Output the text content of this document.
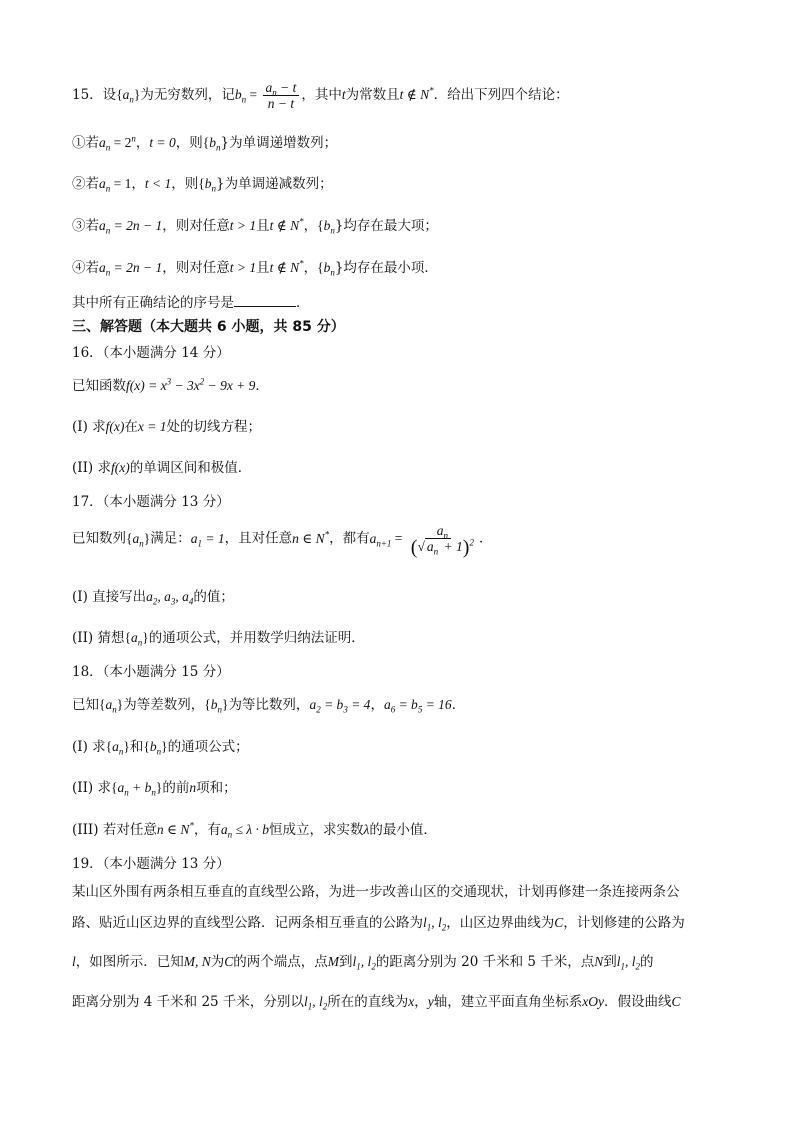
15．设$\{a_n\}$为无穷数列，记$b_n = \frac{a_n - t}{n - t}$ ，其中t为常数且t ∉ N*．给出下列四个结论：
①若$a_n = 2^n$，t = 0，则$\{b_n\}$为单调递增数列；
②若$a_n = 1$，t < 1，则$\{b_n\}$为单调递减数列；
③若$a_n = 2n - 1$，则对任意t > 1且t ∉ N*，$\{b_n\}$均存在最大项；
④若$a_n = 2n - 1$，则对任意t > 1且t ∉ N*，$\{b_n\}$均存在最小项．
其中所有正确结论的序号是	．
三、解答题（本大题共 6 小题，共 85 分）
16．（本小题满分 14 分）
已知函数$f(x) = x^3 - 3x^2 - 9x + 9$．
(I) 求f(x)在x = 1处的切线方程；
(II) 求f(x)的单调区间和极值．
17．（本小题满分 13 分）
已知数列$\{a_n\}$满足：$a_1 = 1$，且对任意n ∈ N*，都有$a_{n+1} = \frac{a_n}{(√ a_n + 1)^2}$ ．
(I) 直接写出$a_2$, $a_3$, $a_4$的值；
(II) 猜想$\{a_n\}$的通项公式，并用数学归纳法证明．
18．（本小题满分 15 分）
已知$\{a_n\}$为等差数列，$\{b_n\}$为等比数列，$a_2 = b_3 = 4$，$a_6 = b_5 = 16$．
(I) 求$\{a_n\}$和$\{b_n\}$的通项公式；
(II) 求$\{a_n + b_n\}$的前n项和；
(III) 若对任意n ∈ N*，有$a_n \le \lambda \cdot b$恒成立，求实数λ的最小值．
19．（本小题满分 13 分）
某山区外围有两条相互垂直的直线型公路，为进一步改善山区的交通现状，计划再修建一条连接两条公
路、贴近山区边界的直线型公路．记两条相互垂直的公路为$l_1$, $l_2$，山区边界曲线为C，计划修建的公路为
l，如图所示．已知M, N为C的两个端点，点M到$l_1$, $l_2$的距离分别为 20 千米和 5 千米，点N到$l_1$, $l_2$的
距离分别为 4 千米和 25 千米，分别以$l_1$, $l_2$所在的直线为x，y轴，建立平面直角坐标系xOy．假设曲线C
